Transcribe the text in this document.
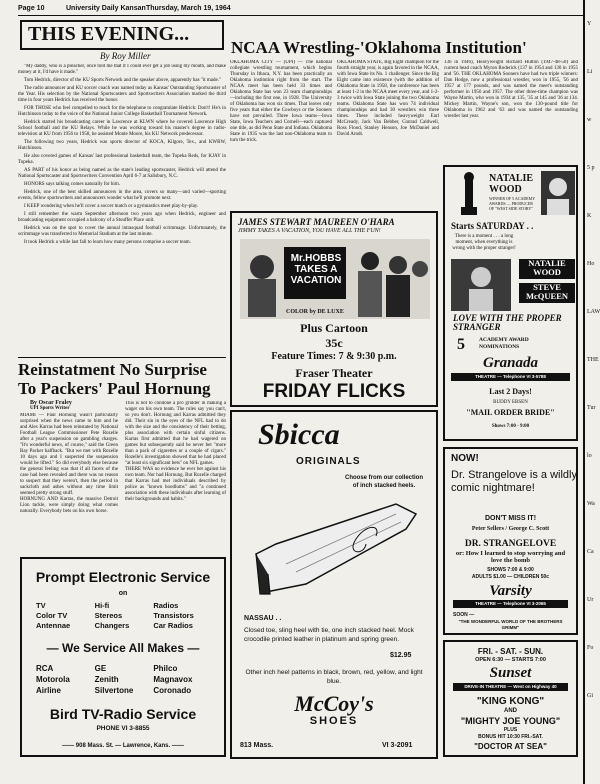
Page 10	University Daily Kansan Thursday, March 19, 1964
THIS EVENING...
By Roy Miller

"My daddy, who is a preacher, once told me that if I could ever get a job using my mouth, and make money at it, I'd have it made."

Tom Hedrick, director of the KU Sports Network and the speaker above, apparently has "it made."

The radio announcer and KU soccer coach was named today as Kansas' Outstanding Sportscaster of the Year. His selection by the National Sportscasters and Sportswriters Association marked the third time in four years Hedrick has received the honor.

FOR THOSE who feel compelled to reach for the telephone to congratulate Hedrick: Don't! He's in Hutchinson today to the voice of the National Junior College Basketball Tournament Network.

Hedrick started his broadcasting career in Lawrence at KLWN where he covered Lawrence High School football and the KU Relays. While he was working toward his master's degree in radio-television at KU from 1956 to 1958, he assisted Monte Moore, his KU Network predecessor.

The following two years, Hedrick was sports director of KOCA, Kilgore, Tex., and KWBW, Hutchinson.

He also covered games of Kansas' last professional basketball team, the Topeka Reds, for KJAY in Topeka.

AS PART of his honor as being named as the state's leading sportscaster, Hedrick will attend the National Sportscaster and Sportswriters Convention April 6-7 at Salisbury, N.C.

HONORS says talking comes naturally for him.

Hedrick, one of the best skilled announcers in the area, covers so many—and varied—sporting events, fellow sportswriters and announcers wonder what he'll promote next.

I KEEP wondering when he'll cover a soccer match or a gymnastics meet play-by-play.

I still remember the warm September afternoon two years ago when Hedrick, engineer and broadcasting equipment occupied a balcony of a Stouffer Place unit.

Hedrick was on the spot to cover the annual intrasquad football scrimmage. Unfortunately, the scrimmage was transferred to Memorial Stadium at the last minute.

It took Hedrick a while last fall to learn how many persons comprise a soccer team.

Reinstatment No Surprise To Packers' Paul Hornung
By Oscar Fraley
UPI Sports Writer
MIAMI — Paul Hornung wasn't particularly surprised when the news came to him and he and Alex Karras had been reinstated by National Football League Commissioner Pete Rozelle after a year's suspension on gambling charges. "It's wonderful news, of course," said the Green Bay Packer halfback. "But we met with Rozelle 10 days ago and I suspected the suspension would be lifted." So did everybody else because the general feeling was that if all facets of the case had been revealed and there was no reason to suspect that they weren't, then the period in sackcloth and ashes without any time limit seemed pretty strong stuff.
HORNUNG AND Karras, the massive Detroit Lion tackle, were simply doing what comes naturally. Everybody bets on his own horse.
This is not to condone a pro gridder in making a wager on his own team. The rules say you can't, so you don't. Hornung and Karras admitted they did. Their sin in the eyes of the NFL had to do with the size and the consistency of their betting, plus association with certain sinful citizens. Karras first admitted that he had wagered on games but subsequently said he never bet "more than a pack of cigarettes or a couple of cigars." Rozelle's investigation showed that he had placed "at least six significant bets" on NFL games.
THERE WAS no evidence he ever bet against his own team. Nor had Hornung. But Rozelle charged that Karras had met individuals described by police as "known hoodlums" and "a continued association with these individuals after learning of their backgrounds and habits."
Prompt Electronic Service
on
TV	Hi-fi	Radios
Color TV	Stereos	Transistors
Antennae	Changers	Car Radios
— We Service All Makes —
RCA	GE	Philco
Motorola	Zenith	Magnavox
Airline	Silvertone	Coronado
Bird TV-Radio Service
PHONE VI 3-8855
—— 908 Mass. St. — Lawrence, Kans. ——
NCAA Wrestling-'Oklahoma Institution'
OKLAHOMA CITY — (UPI) — The national collegiate wrestling tournament, which begins Thursday in Ithaca, N.Y. has been practically an Oklahoma institution right from the start. The NCAA meet has been held 33 times and Oklahoma State has won 23 team championships—including the first one, in 1928. The University of Oklahoma has won six times. That leaves only five years that either the Cowboys or the Sooners have not prevailed. Three Iowa teams—Iowa State, Iowa Teachers and Cornell—each captured one title, as did Penn State and Indiana. Oklahoma State in 1935 was the last non-Oklahoma team to turn the trick.
OKLAHOMA STATE, Big Eight champion for the fourth straight year, is again favored in the NCAA, with Iowa State its No. 1 challenger. Since the Big Eight came into existence (with the addition of Oklahoma State in 1958, the conference has been at least 1-2 in the NCAA meet every year, and 1-2-3 twice with Iowa State joining the two Oklahoma teams. Oklahoma State has won 74 individual championships and had 30 wrestlers win three times. These included heavyweight Earl McCready, Jack Van Bebber, Conrad Caldwell, Ross Flood, Stanley Henson, Joe McDaniel and David Arndt.
136 in 1946), Heavyweight Richard Hutton (1947-48-50) and current head coach Myron Roderick (137 in 1954 and 130 in 1955 and '56. THE OKLAHOMA Sooners have had two triple winners: Dan Hodge, now a professional wrestler, won in 1955, '56 and 1957 at 177 pounds, and was named the meet's outstanding performer in 1956 and 1957. The other three-time champion was Wayne Martin, who won in 1934 at 135, '35 at 145 and '36 at 134. Mickey Martin, Wayne's son, won the 130-pound title for Oklahoma in 1962 and '63 and was named the outstanding wrestler last year.
JAMES STEWART MAUREEN O'HARA
JIMMY TAKES A VACATION, YOU HAVE ALL THE FUN!
Mr.HOBBS TAKES A VACATION
COLOR by DE LUXE
Plus Cartoon
35c
Feature Times: 7 & 9:30 p.m.
Fraser Theater
FRIDAY FLICKS
Sbicca
ORIGINALS
Choose from our collection of inch stacked heels.
NASSAU . .
Closed toe, sling heel with tie, one inch stacked heel. Mock crocodile printed leather in platinum and spring green.
$12.95
Other inch heel patterns in black, brown, red, yellow, and light blue.
McCoy's
SHOES
813 Mass.	VI 3-2091
NATALIE WOOD
WINNER OF 5 ACADEMY AWARDS — PRODUCER OF "WEST SIDE STORY"
Starts SATURDAY . .
There is a moment . . . a long moment, when everything is wrong with the proper stranger!
NATALIE WOOD
STEVE McQUEEN
LOVE WITH THE PROPER STRANGER
5	ACADEMY AWARD NOMINATIONS
Granada
THEATRE — Telephone VI 3-5788
Last 2 Days!
BUDDY EBSEN
"MAIL ORDER BRIDE"
Shows 7:00 - 9:00
NOW!
Dr. Strangelove is a wildly comic nightmare!
DON'T MISS IT!
Peter Sellers / George C. Scott
DR. STRANGELOVE
or: How I learned to stop worrying and love the bomb
SHOWS 7:00 & 9:00
ADULTS $1.00 — CHILDREN 50c
Varsity
THEATRE — Telephone VI 3-2065
SOON —
"THE WONDERFUL WORLD OF THE BROTHERS GRIMM"
FRI. - SAT. - SUN.
OPEN 6:30 — STARTS 7:00
Sunset
DRIVE-IN THEATRE — West on Highway 40
"KING KONG"
AND
"MIGHTY JOE YOUNG"
PLUS
BONUS HIT 10:30 FRI.-SAT.
"DOCTOR AT SEA"
Y
Li
w
5 p
K
Ho
LAW
THE
Tur
lo
Wa
Ca
Ur
Fo
Gi
